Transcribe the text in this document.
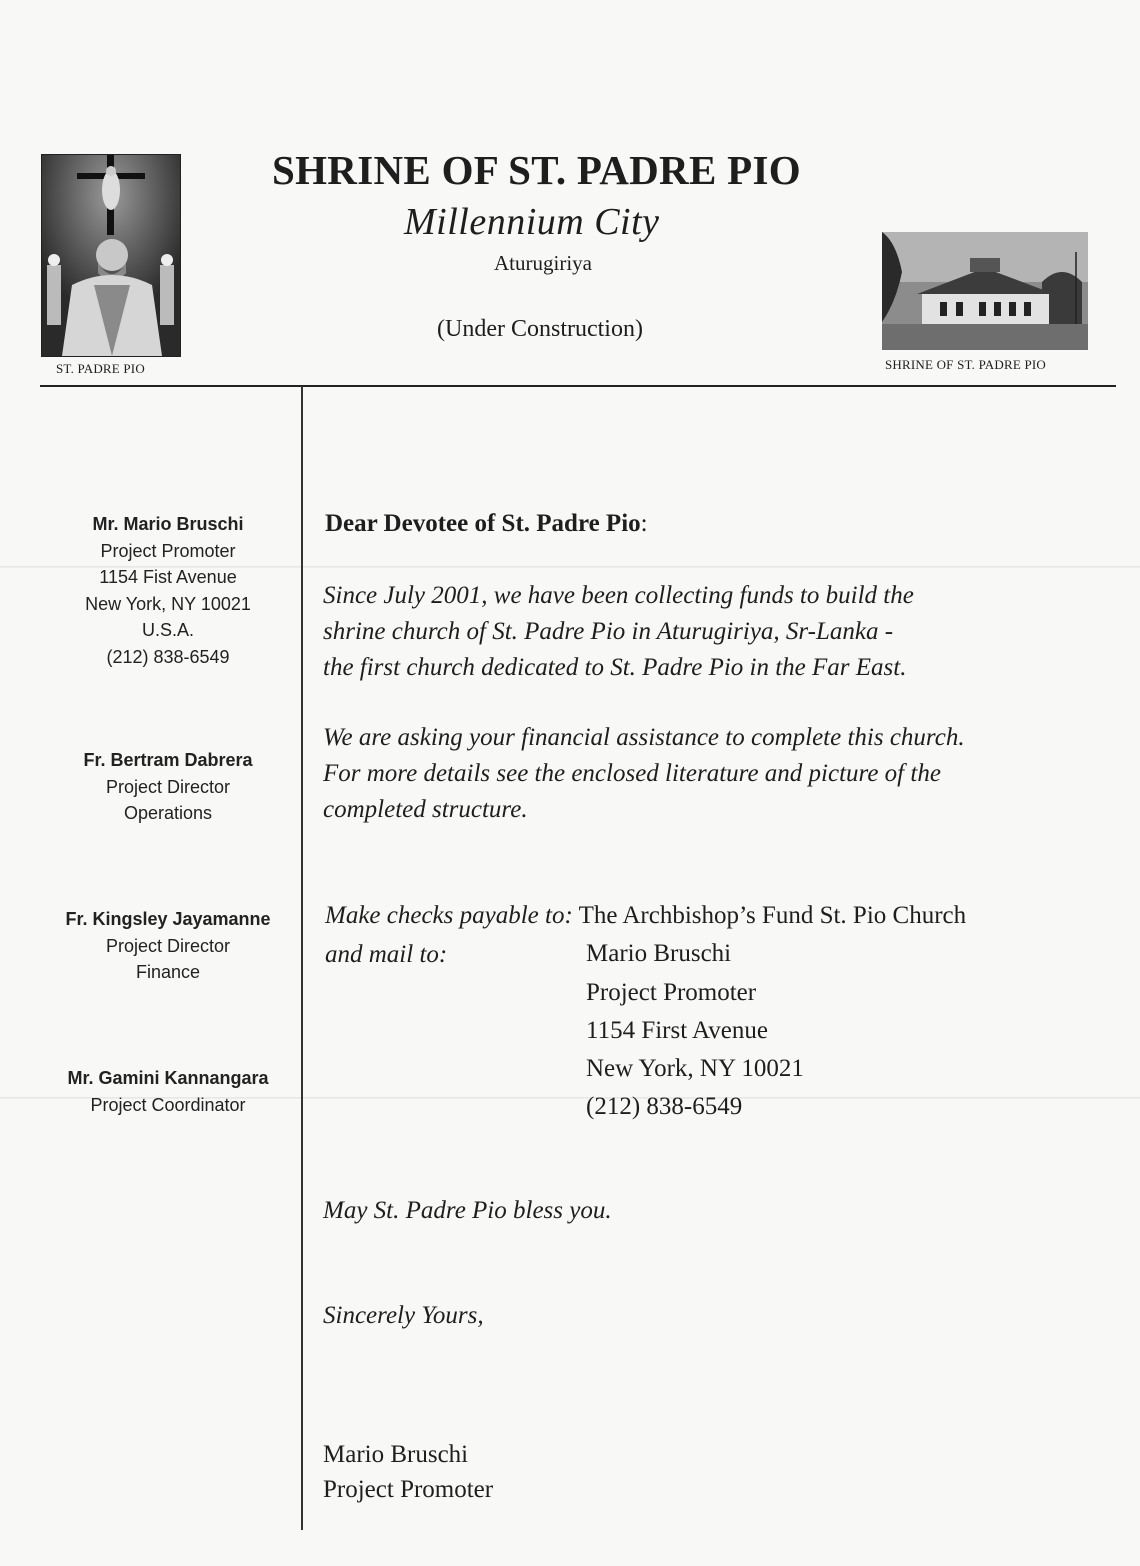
ST. PADRE PIO
SHRINE OF ST. PADRE PIO
Millennium City
Aturugiriya
(Under Construction)
SHRINE OF ST. PADRE PIO
Mr. Mario Bruschi
Project Promoter
1154 Fist Avenue
New York, NY 10021
U.S.A.
(212) 838-6549
Fr. Bertram Dabrera
Project Director
Operations
Fr. Kingsley Jayamanne
Project Director
Finance
Mr. Gamini Kannangara
Project Coordinator
Dear Devotee of St. Padre Pio:
Since July 2001, we have been collecting funds to build the
shrine church of St. Padre Pio in Aturugiriya, Sr-Lanka -
the first church dedicated to St. Padre Pio in the Far East.
We are asking your financial assistance to complete this church.
For more details see the enclosed literature and picture of the
completed structure.
Make checks payable to: The Archbishop’s Fund St. Pio Church
and mail to:	Mario Bruschi
Project Promoter
1154 First Avenue
New York, NY 10021
(212) 838-6549
May St. Padre Pio bless you.
Sincerely Yours,
Mario Bruschi
Project Promoter
